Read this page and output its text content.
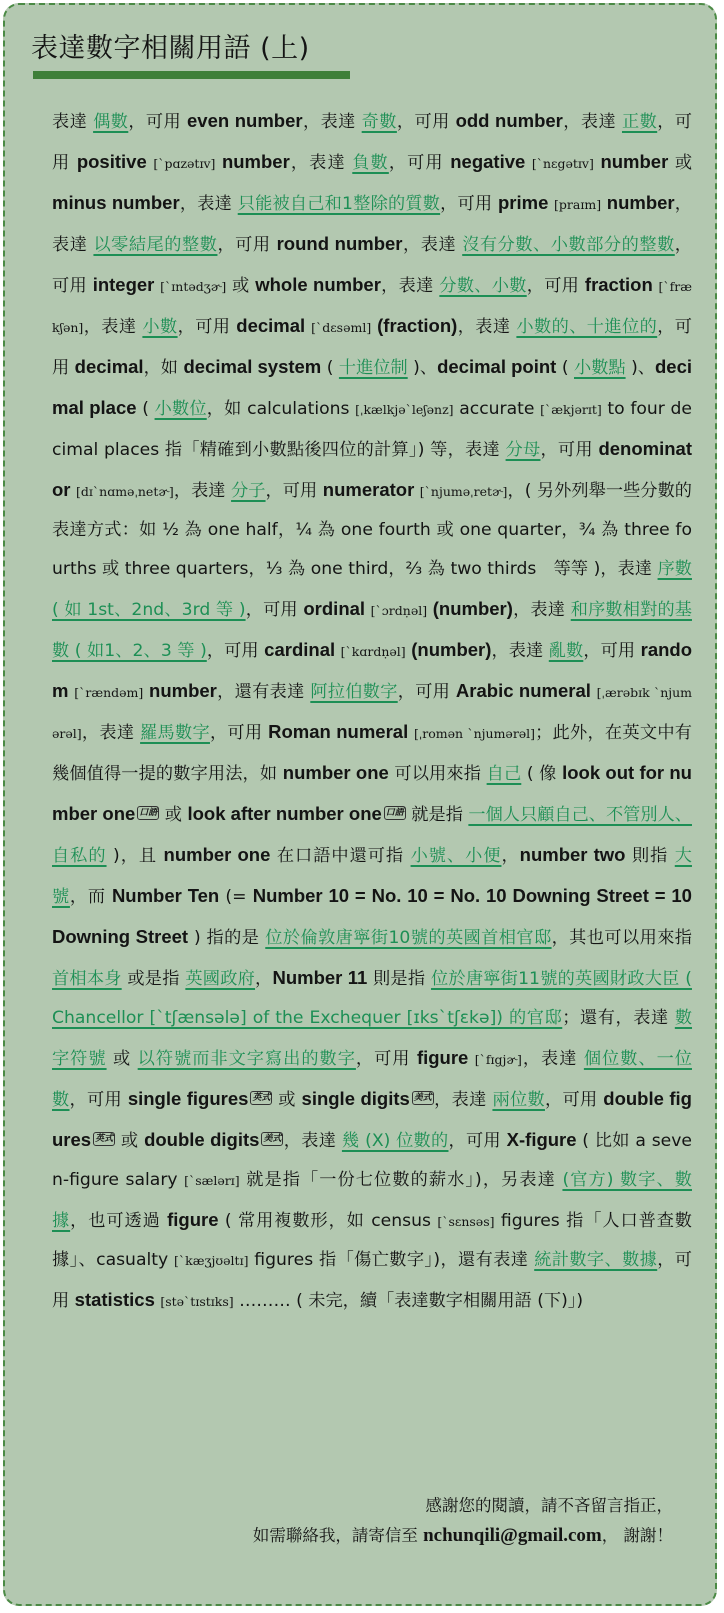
表達數字相關用語 (上)

表達 偶數，可用 even number，表達 奇數，可用 odd number，表達 正數，可用 positive [`pɑzətɪv] number，表達 負數，可用 negative [`nɛgətɪv] number 或 minus number，表達 只能被自己和1整除的質數，可用 prime [praɪm] number，表達 以零結尾的整數，可用 round number，表達 沒有分數、小數部分的整數，可用 integer [`ɪntədʒɚ] 或 whole number，表達 分數、小數，可用 fraction [`frækʃən]，表達 小數，可用 decimal [`dɛsəml] (fraction)，表達 小數的、十進位的，可用 decimal，如 decimal system ( 十進位制 )、decimal point ( 小數點 )、decimal place ( 小數位，如 calculations [ˌkælkjə`leʃənz] accurate [`ækjərɪt] to four decimal places 指「精確到小數點後四位的計算」) 等，表達 分母，可用 denominator [dɪ`nɑməˌnetɚ]，表達 分子，可用 numerator [`njuməˌretɚ]，( 另外列舉一些分數的表達方式：如 ½ 為 one half，¼ 為 one fourth 或 one quarter，¾ 為 three fourths 或 three quarters，⅓ 為 one third，⅔ 為 two thirds　等等 )，表達 序數 ( 如 1st、2nd、3rd 等 )，可用 ordinal [`ɔrdṇəl] (number)，表達 和序數相對的基數 ( 如1、2、3 等 )，可用 cardinal [`kɑrdṇəl] (number)，表達 亂數，可用 random [`rændəm] number，還有表達 阿拉伯數字，可用 Arabic numeral [ˌærəbɪk `njumərəl]，表達 羅馬數字，可用 Roman numeral [ˌromən `njumərəl]；此外，在英文中有幾個值得一提的數字用法，如 number one 可以用來指 自己 ( 像 look out for number one 口語 或 look after number one 口語 就是指 一個人只顧自己、不管別人、自私的 )，且 number one 在口語中還可指 小號、小便，number two 則指 大號，而 Number Ten (= Number 10 = No. 10 = No. 10 Downing Street = 10 Downing Street ) 指的是 位於倫敦唐寧街10號的英國首相官邸，其也可以用來指 首相本身 或是指 英國政府，Number 11 則是指 位於唐寧街11號的英國財政大臣 ( Chancellor [`tʃænsələ] of the Exchequer [ɪks`tʃɛkə]) 的官邸；還有，表達 數字符號 或 以符號而非文字寫出的數字，可用 figure [`fɪgjɚ]，表達 個位數、一位數，可用 single figures 英式 或 single digits 美式 ，表達 兩位數，可用 double figures 英式 或 double digits 美式 ，表達 幾 (X) 位數的，可用 X-figure ( 比如 a seven-figure salary [`sælərɪ] 就是指「一份七位數的薪水」)，另表達 (官方) 數字、數據，也可透過 figure ( 常用複數形，如 census [`sɛnsəs] figures 指「人口普查數據」、casualty [`kæʒjʊəltɪ] figures 指「傷亡數字」)，還有表達 統計數字、數據，可用 statistics [stə`tɪstɪks] ……… ( 未完，續「表達數字相關用語 (下)」)

感謝您的閱讀，請不吝留言指正，
如需聯絡我，請寄信至 nchunqili@gmail.com， 謝謝！
